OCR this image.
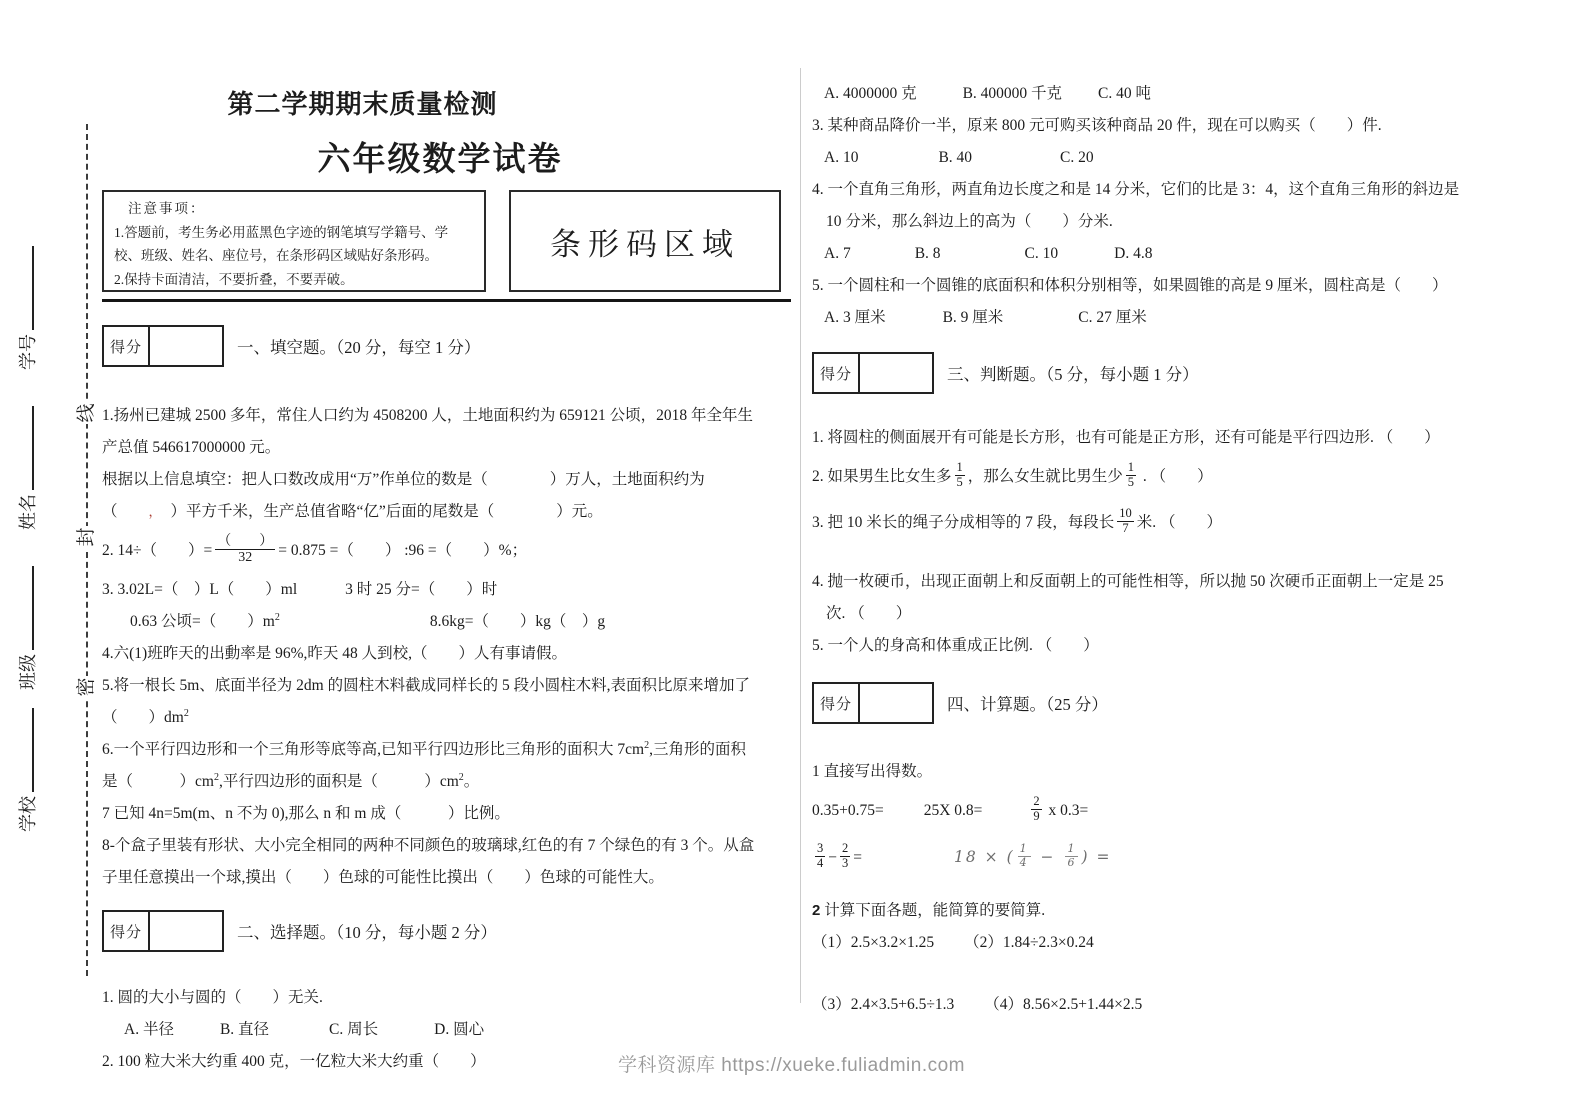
线
封
密
学号
姓名
班级
学校
第二学期期末质量检测
六年级数学试卷
注意事项：
1.答题前，考生务必用蓝黑色字迹的钢笔填写学籍号、学校、班级、姓名、座位号，在条形码区域贴好条形码。
2.保持卡面清洁，不要折叠，不要弄破。
条形码区域
得分	一、填空题。（20 分，每空 1 分）
1.扬州已建城 2500 多年，常住人口约为 4508200 人，土地面积约为 659121 公顷，2018 年全年生
产总值 546617000000 元。
根据以上信息填空：把人口数改成用“万”作单位的数是（　　　　）万人，土地面积约为
（　　，　）平方千米，生产总值省略“亿”后面的尾数是（　　　　）元。
2. 14÷（　　）= $\frac{( )}{32} = 0.875$ =（　　） :96 =（　　）%；
3. 3.02L=（　）L（　　）ml	3 时 25 分=（　　）时
0.63 公顷=（　　）$m^2$	8.6kg=（　　）kg（　）g
4.六(1)班昨天的出動率是 96%,昨天 48 人到校,（　　）人有事请假。
5.将一根长 5m、底面半径为 2dm 的圆柱木料截成同样长的 5 段小圆柱木料,表面积比原来增加了
（　　）$dm^2$
6.一个平行四边形和一个三角形等底等高,已知平行四边形比三角形的面积大 $7cm^2$,三角形的面积
是（　　　）$cm^2$,平行四边形的面积是（　　　）$cm^2$。
7 已知 4n=5m(m、n 不为 0),那么 n 和 m 成（　　　）比例。
8-个盒子里装有形状、大小完全相同的两种不同颜色的玻璃球,红色的有 7 个绿色的有 3 个。从盒
子里任意摸出一个球,摸出（　　）色球的可能性比摸出（　　）色球的可能性大。
得分	二、选择题。（10 分，每小题 2 分）
1. 圆的大小与圆的（　　）无关.
A. 半径	B. 直径	C. 周长	D. 圆心
2. 100 粒大米大约重 400 克，一亿粒大米大约重（　　）
A. 4000000 克	B. 400000 千克 C. 40 吨
3. 某种商品降价一半，原来 800 元可购买该种商品 20 件，现在可以购买（　　）件.
A. 10	B. 40	C. 20
4. 一个直角三角形，两直角边长度之和是 14 分米，它们的比是 3：4，这个直角三角形的斜边是
10 分米，那么斜边上的高为（　　）分米.
A. 7	B. 8	C. 10	D. 4.8
5. 一个圆柱和一个圆锥的底面积和体积分别相等，如果圆锥的高是 9 厘米，圆柱高是（　　）
A. 3 厘米	B. 9 厘米	C. 27 厘米
得分	三、判断题。（5 分，每小题 1 分）
1. 将圆柱的侧面展开有可能是长方形，也有可能是正方形，还有可能是平行四边形. （　　）
2. 如果男生比女生多 $\frac{1}{5}$ ，那么女生就比男生少 $\frac{1}{5}$ . （　　）
3. 把 10 米长的绳子分成相等的 7 段，每段长 $\frac{10}{7}$ 米. （　　）
4. 抛一枚硬币，出现正面朝上和反面朝上的可能性相等，所以抛 50 次硬币正面朝上一定是 25
次. （　　）
5. 一个人的身高和体重成正比例. （　　）
得分	四、计算题。（25 分）
1 直接写出得数。
0.35+0.75=	25X 0.8=	$\frac{2}{9}$ x 0.3=
$\frac{3}{4} - \frac{2}{3}$ =	18 × ( $\frac{1}{4} - \frac{1}{6}$ ) =
2 计算下面各题，能简算的要简算.
（1）2.5×3.2×1.25 （2）1.84÷2.3×0.24
（3）2.4×3.5+6.5÷1.3 （4）8.56×2.5+1.44×2.5
学科资源库 https://xueke.fuliadmin.com
